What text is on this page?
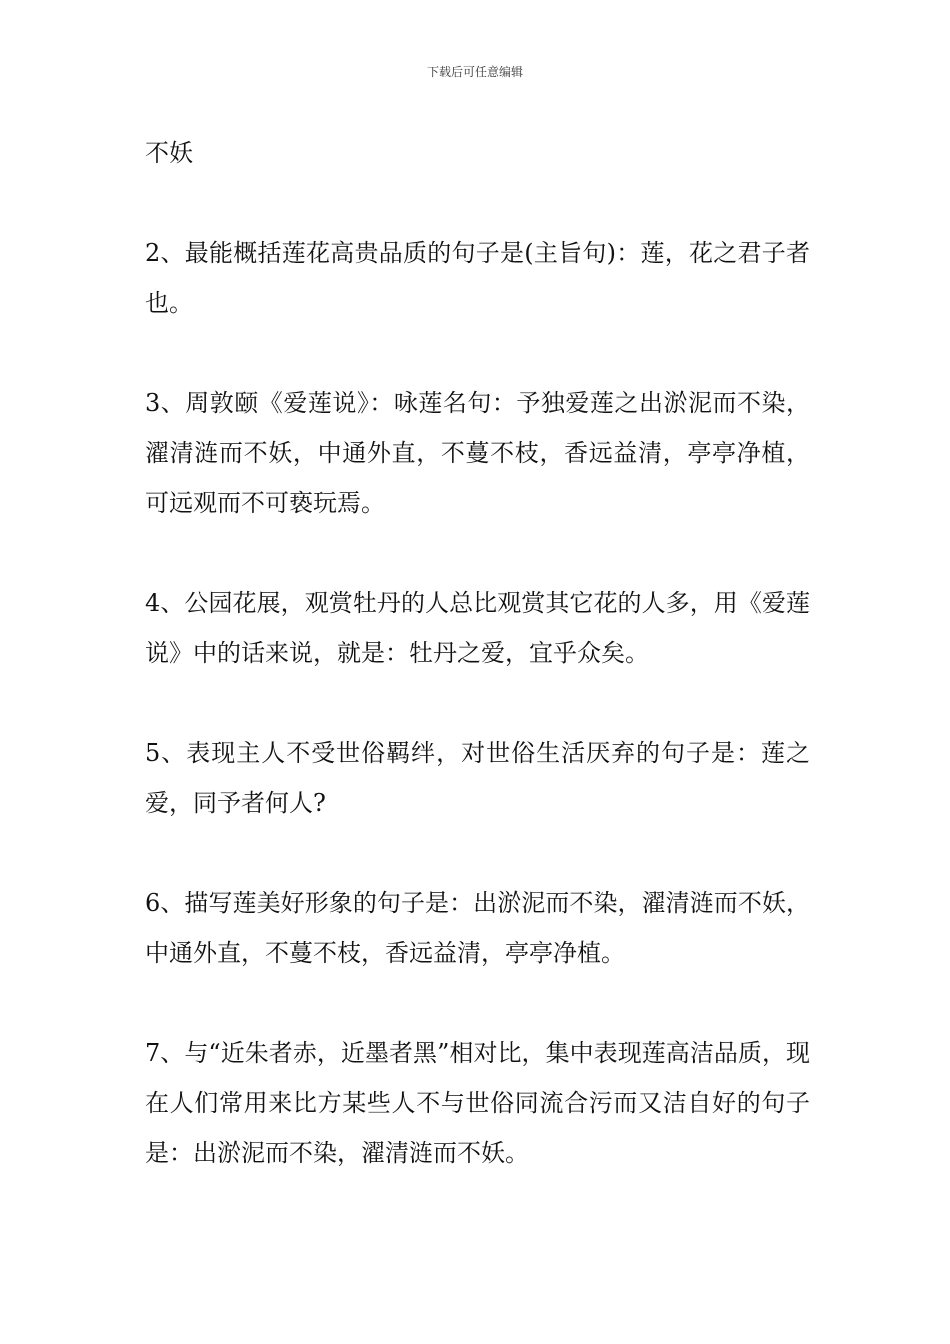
下载后可任意编辑

不妖

2、最能概括莲花高贵品质的句子是(主旨句)：莲，花之君子者也。

3、周敦颐《爱莲说》：咏莲名句：予独爱莲之出淤泥而不染，濯清涟而不妖，中通外直，不蔓不枝，香远益清，亭亭净植，可远观而不可亵玩焉。

4、公园花展，观赏牡丹的人总比观赏其它花的人多，用《爱莲说》中的话来说，就是：牡丹之爱，宜乎众矣。

5、表现主人不受世俗羁绊，对世俗生活厌弃的句子是：莲之爱，同予者何人?

6、描写莲美好形象的句子是：出淤泥而不染，濯清涟而不妖，中通外直，不蔓不枝，香远益清，亭亭净植。

7、与“近朱者赤，近墨者黑”相对比，集中表现莲高洁品质，现在人们常用来比方某些人不与世俗同流合污而又洁自好的句子是：出淤泥而不染，濯清涟而不妖。
